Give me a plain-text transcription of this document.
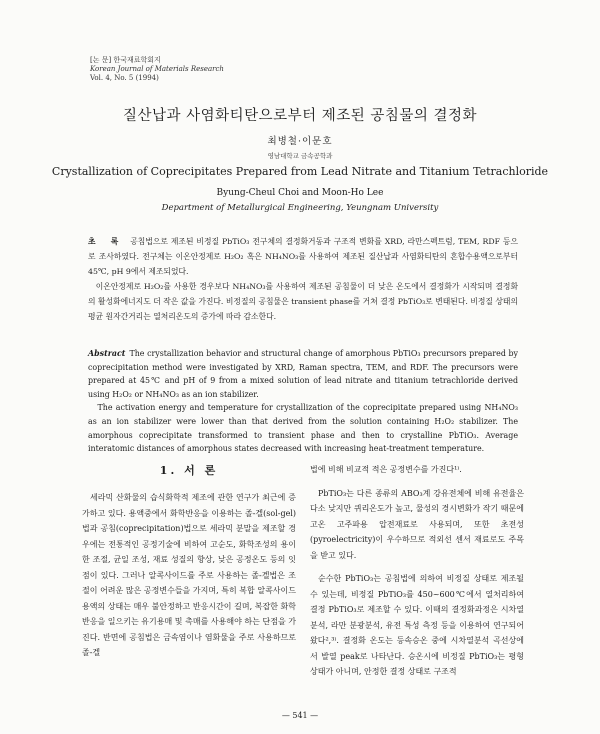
[논 문] 한국재료학회지
Korean Journal of Materials Research
Vol. 4, No. 5 (1994)
질산납과 사염화티탄으로부터 제조된 공침물의 결정화
최병철·이문호
영남대학교 금속공학과
Crystallization of Coprecipitates Prepared from Lead Nitrate and Titanium Tetrachloride
Byung-Cheul Choi and Moon-Ho Lee
Department of Metallurgical Engineering, Yeungnam University

초 록 공침법으로 제조된 비정질 PbTiO₃ 전구체의 결정화거동과 구조적 변화를 XRD, 라만스펙트럼, TEM, RDF 등으로 조사하였다. 전구체는 이온안정제로 H₂O₂ 혹은 NH₄NO₃를 사용하여 제조된 질산납과 사염화티탄의 혼합수용액으로부터 45℃, pH 9에서 제조되었다.

이온안정제로 H₂O₂를 사용한 경우보다 NH₄NO₃를 사용하여 제조된 공침물이 더 낮은 온도에서 결정화가 시작되며 결정화의 활성화에너지도 더 작은 값을 가진다. 비정질의 공침물은 transient phase를 거쳐 결정 PbTiO₃로 변태된다. 비정질 상태의 평균 원자간거리는 열처리온도의 증가에 따라 감소한다.

Abstract The crystallization behavior and structural change of amorphous PbTiO₃ precursors prepared by coprecipitation method were investigated by XRD, Raman spectra, TEM, and RDF. The precursors were prepared at 45℃ and pH of 9 from a mixed solution of lead nitrate and titanium tetrachloride derived using H₂O₂ or NH₄NO₃ as an ion stabilizer.

The activation energy and temperature for crystallization of the coprecipitate prepared using NH₄NO₃ as an ion stabilizer were lower than that derived from the solution containing H₂O₂ stabilizer. The amorphous coprecipitate transformed to transient phase and then to crystalline PbTiO₃. Average interatomic distances of amorphous states decreased with increasing heat-treatment temperature.

1. 서 론

세라믹 산화물의 습식화학적 제조에 관한 연구가 최근에 증가하고 있다. 용액중에서 화학반응을 이용하는 졸-겔(sol-gel)법과 공침(coprecipitation)법으로 세라믹 분말을 제조할 경우에는 전통적인 공정기술에 비하여 고순도, 화학조성의 용이한 조절, 균일 조성, 재료 성질의 향상, 낮은 공정온도 등의 잇점이 있다. 그러나 알콕사이드를 주로 사용하는 졸-겔법은 조절이 어려운 많은 공정변수들을 가지며, 특히 복합 알콕사이드 용액의 상태는 매우 불안정하고 반응시간이 길며, 복잡한 화학반응을 일으키는 유기용매 및 촉매를 사용해야 하는 단점을 가진다. 반면에 공침법은 금속염이나 염화물을 주로 사용하므로 졸-겔

법에 비해 비교적 적은 공정변수를 가진다¹⁾.

PbTiO₃는 다른 종류의 ABO₃계 강유전체에 비해 유전율은 다소 낮지만 퀴리온도가 높고, 물성의 경시변화가 작기 때문에 고온 고주파용 압전재료로 사용되며, 또한 초전성(pyroelectricity)이 우수하므로 적외선 센서 재료로도 주목을 받고 있다.

순수한 PbTiO₃는 공침법에 의하여 비정질 상태로 제조될 수 있는데, 비정질 PbTiO₃를 450~600℃에서 열처리하여 결정 PbTiO₃로 제조할 수 있다. 이때의 결정화과정은 시차열분석, 라만 분광분석, 유전 특성 측정 등을 이용하여 연구되어 왔다²,³⁾. 결정화 온도는 등속승온 중에 시차열분석 곡선상에서 발열 peak로 나타난다. 승온시에 비정질 PbTiO₃는 평형상태가 아니며, 안정한 결정 상태로 구조적

— 541 —
